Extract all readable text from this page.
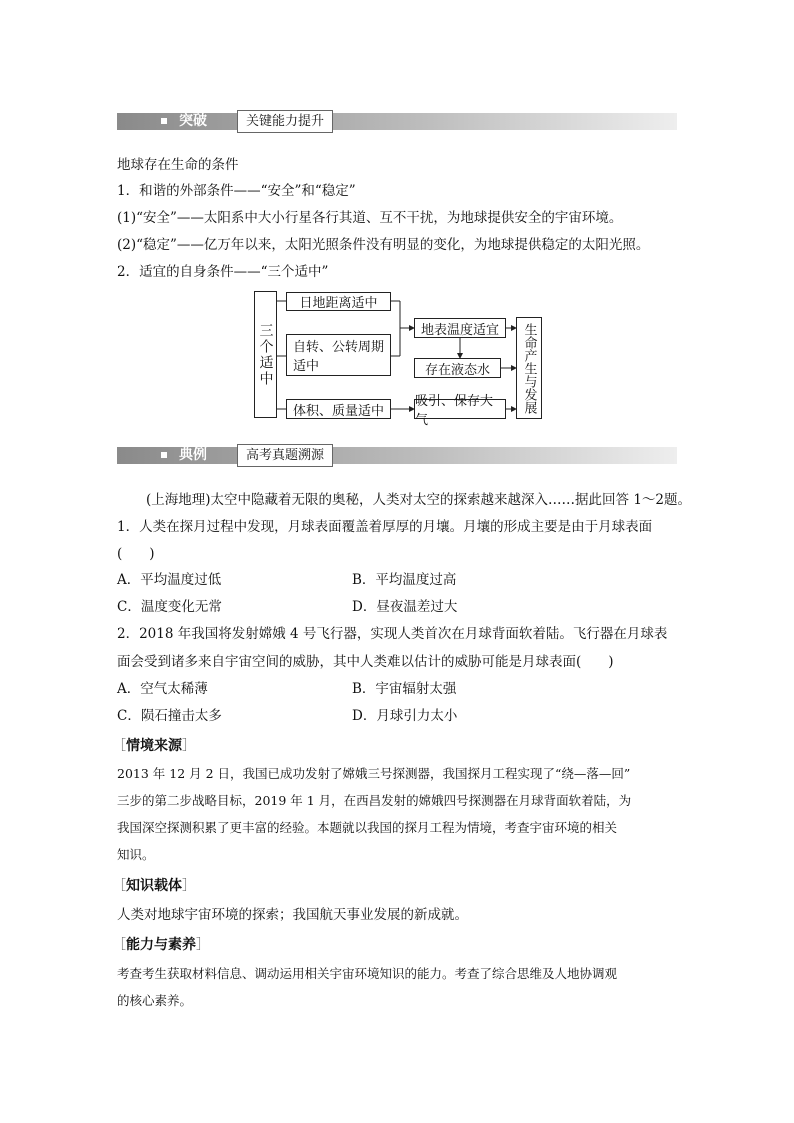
突破	关键能力提升
地球存在生命的条件
1．和谐的外部条件——“安全”和“稳定”
(1)“安全”——太阳系中大小行星各行其道、互不干扰，为地球提供安全的宇宙环境。
(2)“稳定”——亿万年以来，太阳光照条件没有明显的变化，为地球提供稳定的太阳光照。
2．适宜的自身条件——“三个适中”
三个适中
日地距离适中
自转、公转周期
适中
体积、质量适中
地表温度适宜
存在液态水
吸引、保存大气
生命产生与发展
典例	高考真题溯源
(上海地理)太空中隐藏着无限的奥秘，人类对太空的探索越来越深入……据此回答 1～2题。
1．人类在探月过程中发现，月球表面覆盖着厚厚的月壤。月壤的形成主要是由于月球表面
(　　)
A．平均温度过低	B．平均温度过高
C．温度变化无常	D．昼夜温差过大
2．2018 年我国将发射嫦娥 4 号飞行器，实现人类首次在月球背面软着陆。飞行器在月球表
面会受到诸多来自宇宙空间的威胁，其中人类难以估计的威胁可能是月球表面(　　)
A．空气太稀薄	B．宇宙辐射太强
C．陨石撞击太多	D．月球引力太小
［情境来源］
2013 年 12 月 2 日，我国已成功发射了嫦娥三号探测器，我国探月工程实现了“绕—落—回”
三步的第二步战略目标，2019 年 1 月，在西昌发射的嫦娥四号探测器在月球背面软着陆，为
我国深空探测积累了更丰富的经验。本题就以我国的探月工程为情境，考查宇宙环境的相关
知识。
［知识载体］
人类对地球宇宙环境的探索；我国航天事业发展的新成就。
［能力与素养］
考查考生获取材料信息、调动运用相关宇宙环境知识的能力。考查了综合思维及人地协调观
的核心素养。
